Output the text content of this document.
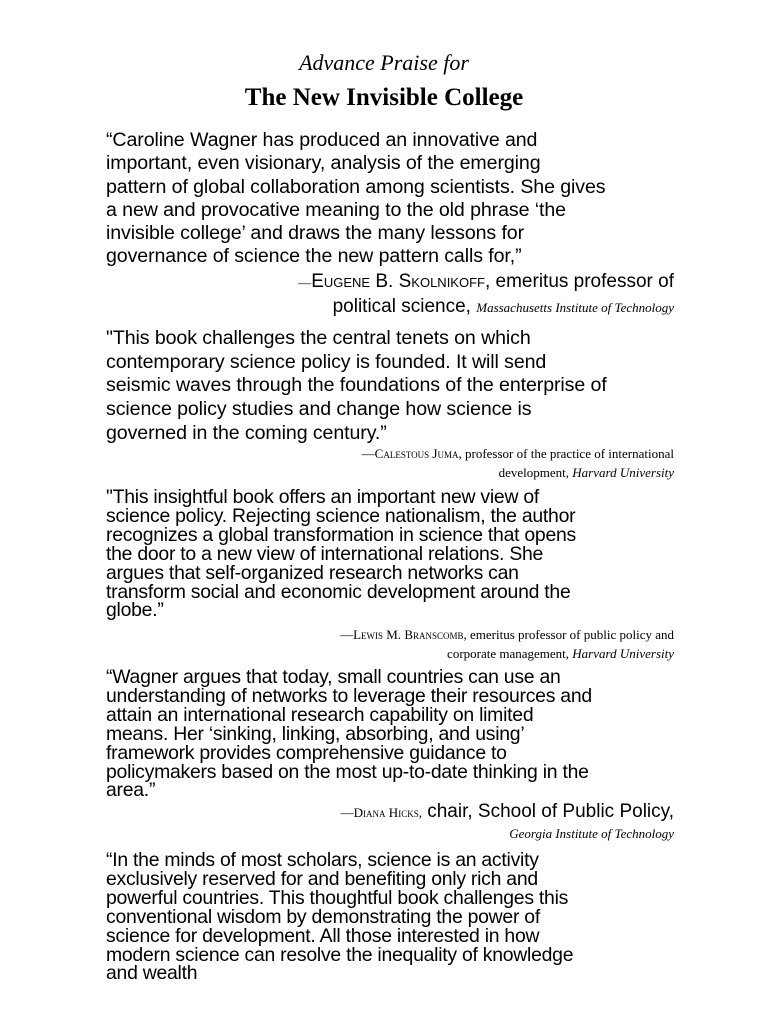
Advance Praise for
The New Invisible College
“Caroline Wagner has produced an innovative and
important, even visionary, analysis of the emerging
pattern of global collaboration among scientists. She gives
a new and provocative meaning to the old phrase ‘the
invisible college’ and draws the many lessons for
governance of science the new pattern calls for,”
—Eugene B. Skolnikoff, emeritus professor of
political science, Massachusetts Institute of Technology
"This book challenges the central tenets on which
contemporary science policy is founded. It will send
seismic waves through the foundations of the enterprise of
science policy studies and change how science is
governed in the coming century.”
—Calestous Juma, professor of the practice of international
development, Harvard University
"This insightful book offers an important new view of
science policy. Rejecting science nationalism, the author
recognizes a global transformation in science that opens
the door to a new view of international relations. She
argues that self-organized research networks can
transform social and economic development around the
globe.”
—Lewis M. Branscomb, emeritus professor of public policy and
corporate management, Harvard University
“Wagner argues that today, small countries can use an
understanding of networks to leverage their resources and
attain an international research capability on limited
means. Her ‘sinking, linking, absorbing, and using’
framework provides comprehensive guidance to
policymakers based on the most up-to-date thinking in the
area.”
—Diana Hicks, chair, School of Public Policy,
Georgia Institute of Technology
“In the minds of most scholars, science is an activity
exclusively reserved for and benefiting only rich and
powerful countries. This thoughtful book challenges this
conventional wisdom by demonstrating the power of
science for development. All those interested in how
modern science can resolve the inequality of knowledge
and wealth
